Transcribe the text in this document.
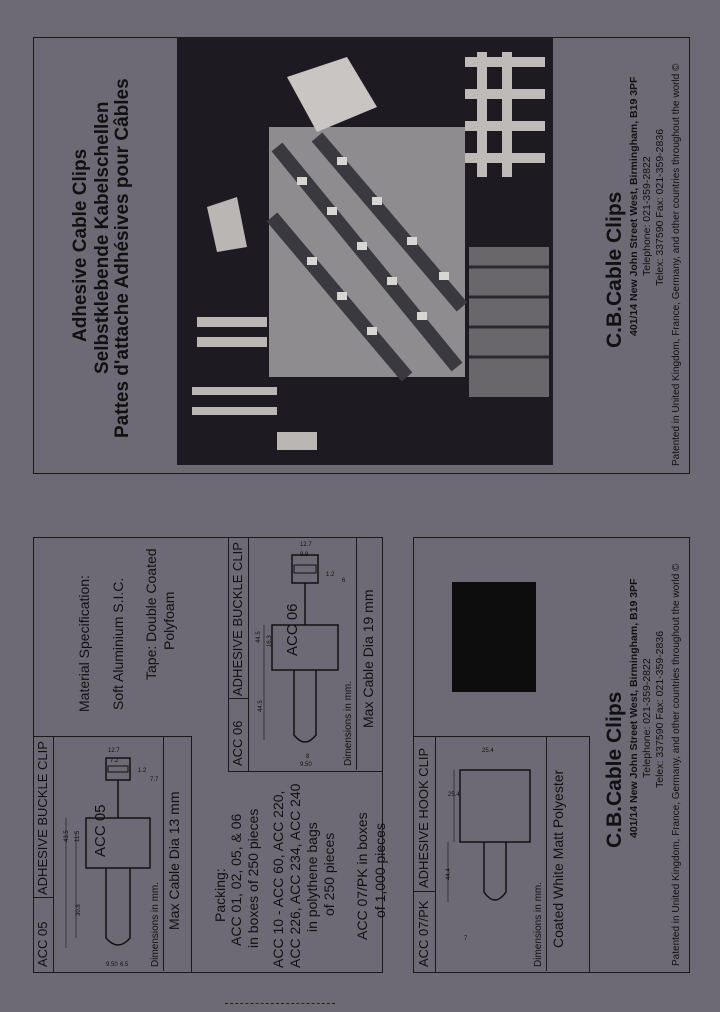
Adhesive Cable Clips Selbstklebende Kabelschellen Pattes d'attache Adhésives pour Câbles	C.B.Cable Clips 401/14 New John Street West, Birmingham, B19 3PF Telephone: 021-359-2822 Telex: 337590 Fax: 021-359-2836 Patented in United Kingdom, France, Germany, and other countries throughout the world ©
ACC 05
ADHESIVE BUCKLE CLIP	ACC 05
12.7
7.2
1.2
7.7
43.5 11.5
30.8
6.5
9.50	Dimensions in mm. Max Cable Dia 13 mm
Material Specification: Soft Aluminium S.I.C. Tape: Double Coated Polyfoam
ACC 06
ADHESIVE BUCKLE CLIP	ACC 06
12.7
8.8
1.2
6
44.5 16.3
44.5
8
9.50	Dimensions in mm. Max Cable Dia 19 mm
Packing: ACC 01, 02, 05, & 06 in boxes of 250 pieces ACC 10 - ACC 60, ACC 220, ACC 226, ACC 234, ACC 240 in polythene bags of 250 pieces ACC 07/PK in boxes of 1,000 pieces
ACC 07/PK
ADHESIVE HOOK CLIP	25.4
25.4
44.4
7	Dimensions in mm. Coated White Matt Polyester C.B.Cable Clips 401/14 New John Street West, Birmingham, B19 3PF Telephone: 021-359-2822 Telex: 337590 Fax: 021-359-2836 Patented in United Kingdom, France, Germany, and other countries throughout the world ©
